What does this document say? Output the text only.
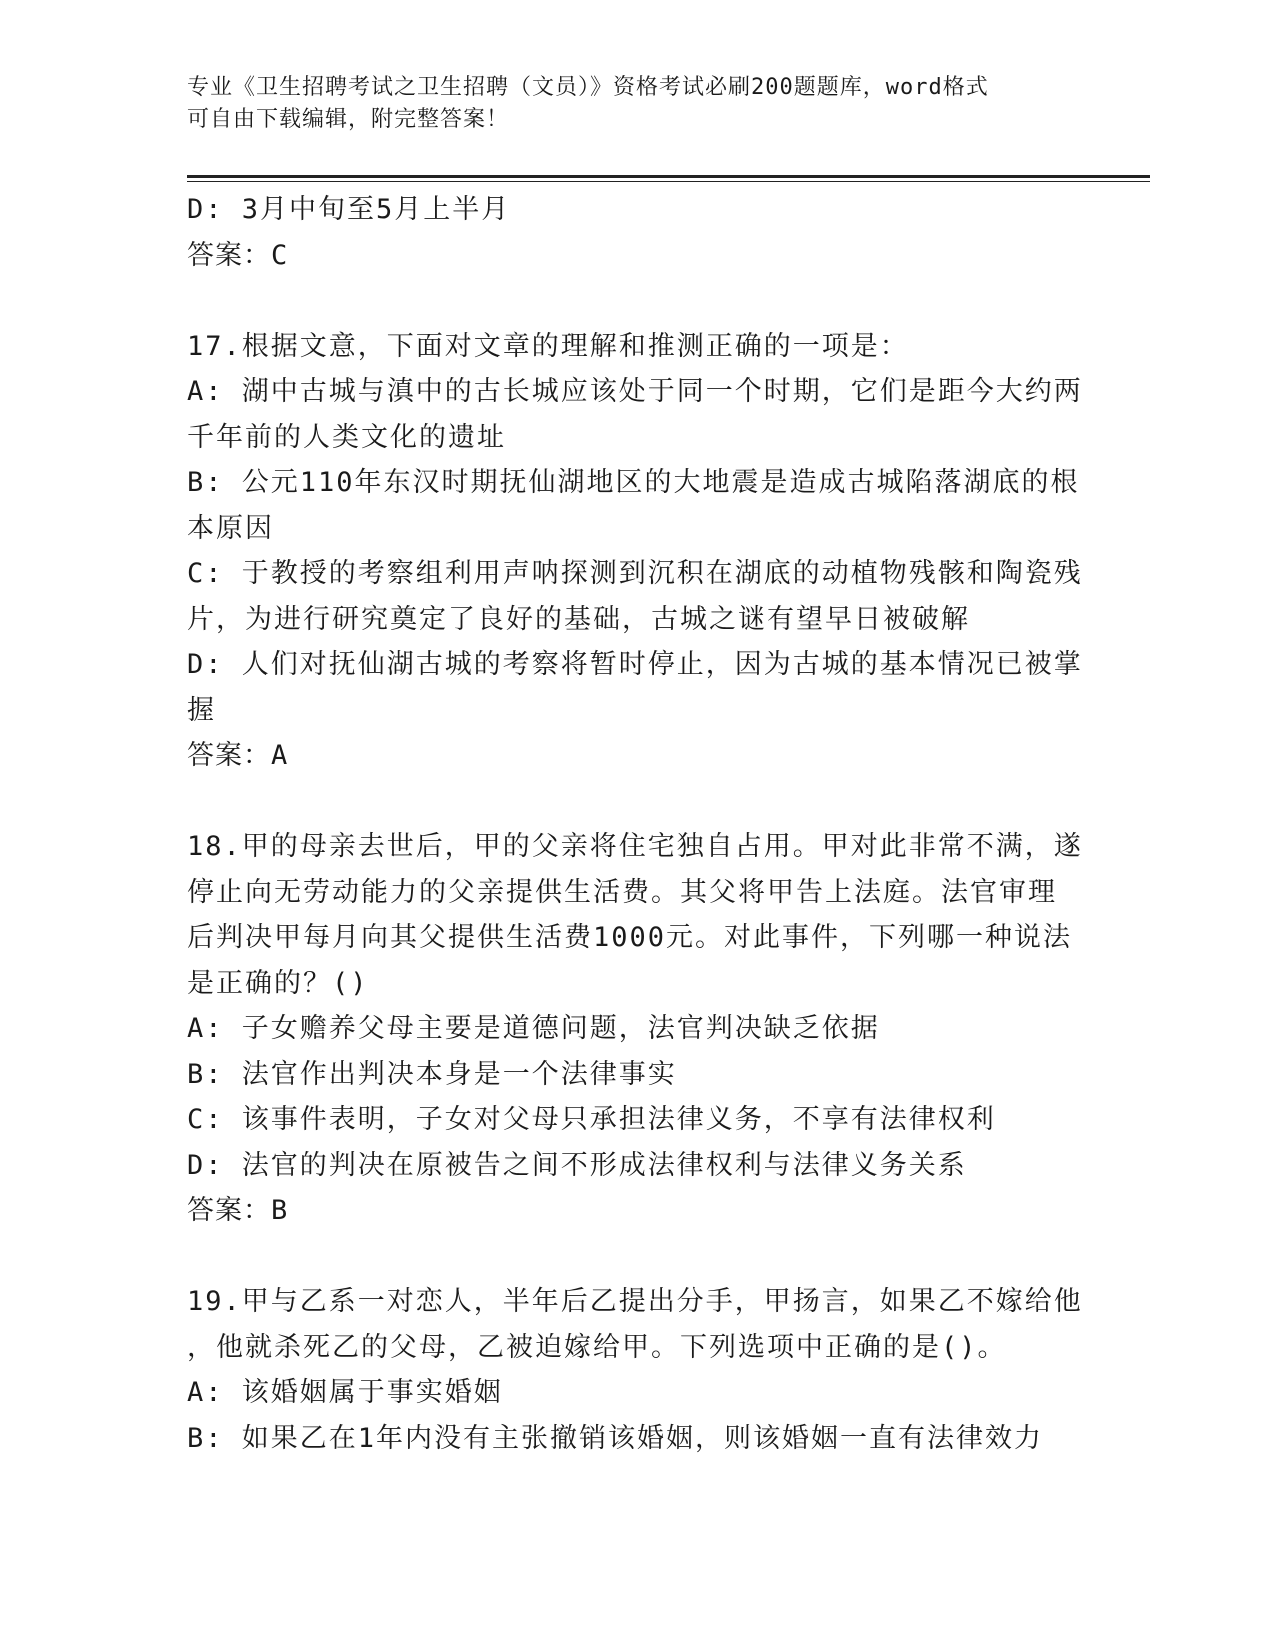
专业《卫生招聘考试之卫生招聘（文员）》资格考试必刷200题题库，word格式
可自由下载编辑，附完整答案！
D: 3月中旬至5月上半月
答案：C
17.根据文意，下面对文章的理解和推测正确的一项是：
A: 湖中古城与滇中的古长城应该处于同一个时期，它们是距今大约两
千年前的人类文化的遗址
B: 公元110年东汉时期抚仙湖地区的大地震是造成古城陷落湖底的根
本原因
C: 于教授的考察组利用声呐探测到沉积在湖底的动植物残骸和陶瓷残
片，为进行研究奠定了良好的基础，古城之谜有望早日被破解
D: 人们对抚仙湖古城的考察将暂时停止，因为古城的基本情况已被掌
握
答案：A
18.甲的母亲去世后，甲的父亲将住宅独自占用。甲对此非常不满，遂
停止向无劳动能力的父亲提供生活费。其父将甲告上法庭。法官审理
后判决甲每月向其父提供生活费1000元。对此事件，下列哪一种说法
是正确的？()
A: 子女赡养父母主要是道德问题，法官判决缺乏依据
B: 法官作出判决本身是一个法律事实
C: 该事件表明，子女对父母只承担法律义务，不享有法律权利
D: 法官的判决在原被告之间不形成法律权利与法律义务关系
答案：B
19.甲与乙系一对恋人，半年后乙提出分手，甲扬言，如果乙不嫁给他
，他就杀死乙的父母，乙被迫嫁给甲。下列选项中正确的是()。
A: 该婚姻属于事实婚姻
B: 如果乙在1年内没有主张撤销该婚姻，则该婚姻一直有法律效力
